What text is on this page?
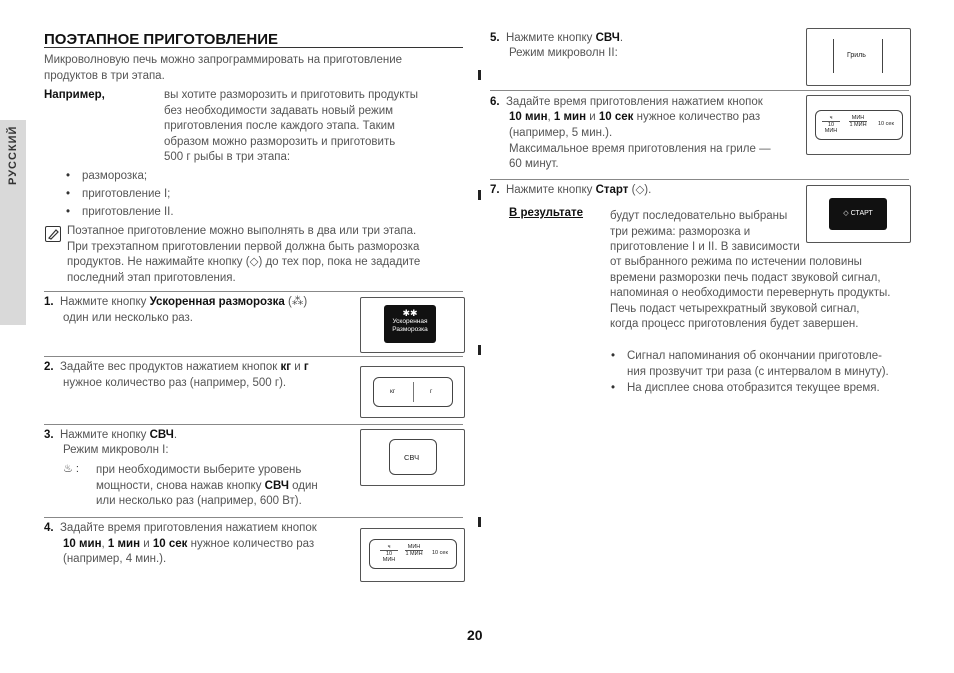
РУССКИЙ
ПОЭТАПНОЕ ПРИГОТОВЛЕНИЕ
Микроволновую печь можно запрограммировать на приготовление
продуктов в три этапа.
Например,	вы хотите разморозить и приготовить продукты
без необходимости задавать новый режим
приготовления после каждого этапа. Таким
образом можно разморозить и приготовить
500 г рыбы в три этапа:
• разморозка;
• приготовление I;
• приготовление II.
Поэтапное приготовление можно выполнять в два или три этапа.
При трехэтапном приготовлении первой должна быть разморозка
продуктов. Не нажимайте кнопку (◇) до тех пор, пока не зададите
последний этап приготовления.
1. Нажмите кнопку Ускоренная разморозка (⁂)
один или несколько раз.	✱✱
Ускоренная
Разморозка
2. Задайте вес продуктов нажатием кнопок кг и г
нужное количество раз (например, 500 г).
кг	г
3. Нажмите кнопку СВЧ.
Режим микроволн I:
♨ : при необходимости выберите уровень
мощности, снова нажав кнопку СВЧ один
или несколько раз (например, 600 Вт).
СВЧ
4. Задайте время приготовления нажатием кнопок
10 мин, 1 мин и 10 сек нужное количество раз
(например, 4 мин.).
ч
10 МИН
МИН
1 МИН 10 сек
5. Нажмите кнопку СВЧ.
Режим микроволн II:	Гриль
6. Задайте время приготовления нажатием кнопок
10 мин, 1 мин и 10 сек нужное количество раз
(например, 5 мин.).
Максимальное время приготовления на гриле —
60 минут.
ч
10 МИН
МИН
1 МИН 10 сек
7. Нажмите кнопку Старт (◇).
◇ СТАРТ
В результате будут последовательно выбраны
три режима: разморозка и
приготовление I и II. В зависимости
от выбранного режима по истечении половины
времени разморозки печь подаст звуковой сигнал,
напоминая о необходимости перевернуть продукты.
Печь подаст четырехкратный звуковой сигнал,
когда процесс приготовления будет завершен.
• Сигнал напоминания об окончании приготовле-
ния прозвучит три раза (с интервалом в минуту).
• На дисплее снова отобразится текущее время.
20
